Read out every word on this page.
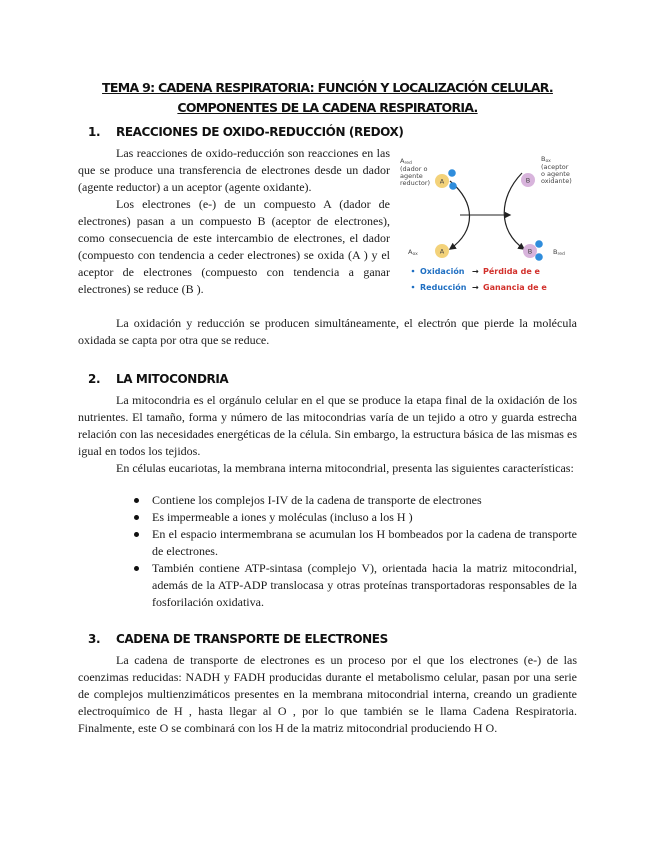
TEMA 9: CADENA RESPIRATORIA: FUNCIÓN Y LOCALIZACIÓN CELULAR.
COMPONENTES DE LA CADENA RESPIRATORIA.
1. REACCIONES DE OXIDO-REDUCCIÓN (REDOX)

Las reacciones de oxido-reducción son reacciones en las que se produce una transferencia de electrones desde un dador (agente reductor) a un aceptor (agente oxidante).

Los electrones (e-) de un compuesto A (dador de electrones) pasan a un compuesto B (aceptor de electrones), como consecuencia de este intercambio de electrones, el dador (compuesto con tendencia a ceder electrones) se oxida (A ) y el aceptor de electrones (compuesto con tendencia a ganar electrones) se reduce (B ).

Ared
(dador o
agente
reductor)
Box
(aceptor
o agente
oxidante)
A	B
Aox	A	B	Bred
Oxidación → Pérdida de e
Reducción → Ganancia de e

La oxidación y reducción se producen simultáneamente, el electrón que pierde la molécula oxidada se capta por otra que se reduce.

2. LA MITOCONDRIA

La mitocondria es el orgánulo celular en el que se produce la etapa final de la oxidación de los nutrientes. El tamaño, forma y número de las mitocondrias varía de un tejido a otro y guarda estrecha relación con las necesidades energéticas de la célula. Sin embargo, la estructura básica de las mismas es igual en todos los tejidos.

En células eucariotas, la membrana interna mitocondrial, presenta las siguientes características:

Contiene los complejos I-IV de la cadena de transporte de electrones
Es impermeable a iones y moléculas (incluso a los H )
En el espacio intermembrana se acumulan los H bombeados por la cadena de transporte de electrones.
También contiene ATP-sintasa (complejo V), orientada hacia la matriz mitocondrial, además de la ATP-ADP translocasa y otras proteínas transportadoras responsables de la fosforilación oxidativa.
3. CADENA DE TRANSPORTE DE ELECTRONES

La cadena de transporte de electrones es un proceso por el que los electrones (e-) de las coenzimas reducidas: NADH y FADH producidas durante el metabolismo celular, pasan por una serie de complejos multienzimáticos presentes en la membrana mitocondrial interna, creando un gradiente electroquímico de H , hasta llegar al O , por lo que también se le llama Cadena Respiratoria. Finalmente, este O se combinará con los H de la matriz mitocondrial produciendo H O.
